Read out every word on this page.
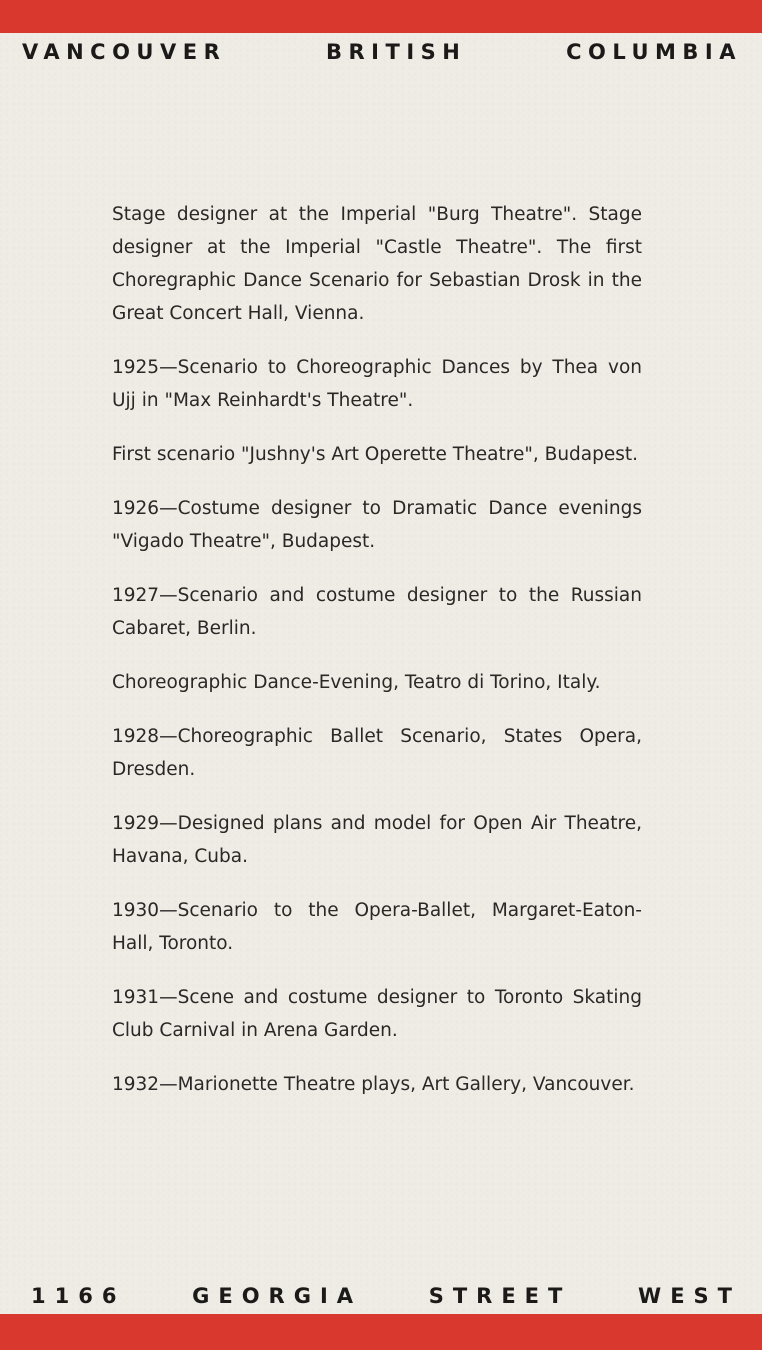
VANCOUVER	BRITISH	COLUMBIA

Stage designer at the Imperial "Burg Theatre". Stage designer at the Imperial "Castle Theatre". The first Choregraphic Dance Scenario for Sebastian Drosk in the Great Concert Hall, Vienna.

1925—Scenario to Choreographic Dances by Thea von Ujj in "Max Reinhardt's Theatre".

First scenario "Jushny's Art Operette Theatre", Budapest.

1926—Costume designer to Dramatic Dance evenings "Vigado Theatre", Budapest.

1927—Scenario and costume designer to the Russian Cabaret, Berlin.

Choreographic Dance-Evening, Teatro di Torino, Italy.

1928—Choreographic Ballet Scenario, States Opera, Dresden.

1929—Designed plans and model for Open Air Theatre, Havana, Cuba.

1930—Scenario to the Opera-Ballet, Margaret-Eaton-Hall, Toronto.

1931—Scene and costume designer to Toronto Skating Club Carnival in Arena Garden.

1932—Marionette Theatre plays, Art Gallery, Vancouver.

1166	GEORGIA	STREET	WEST
